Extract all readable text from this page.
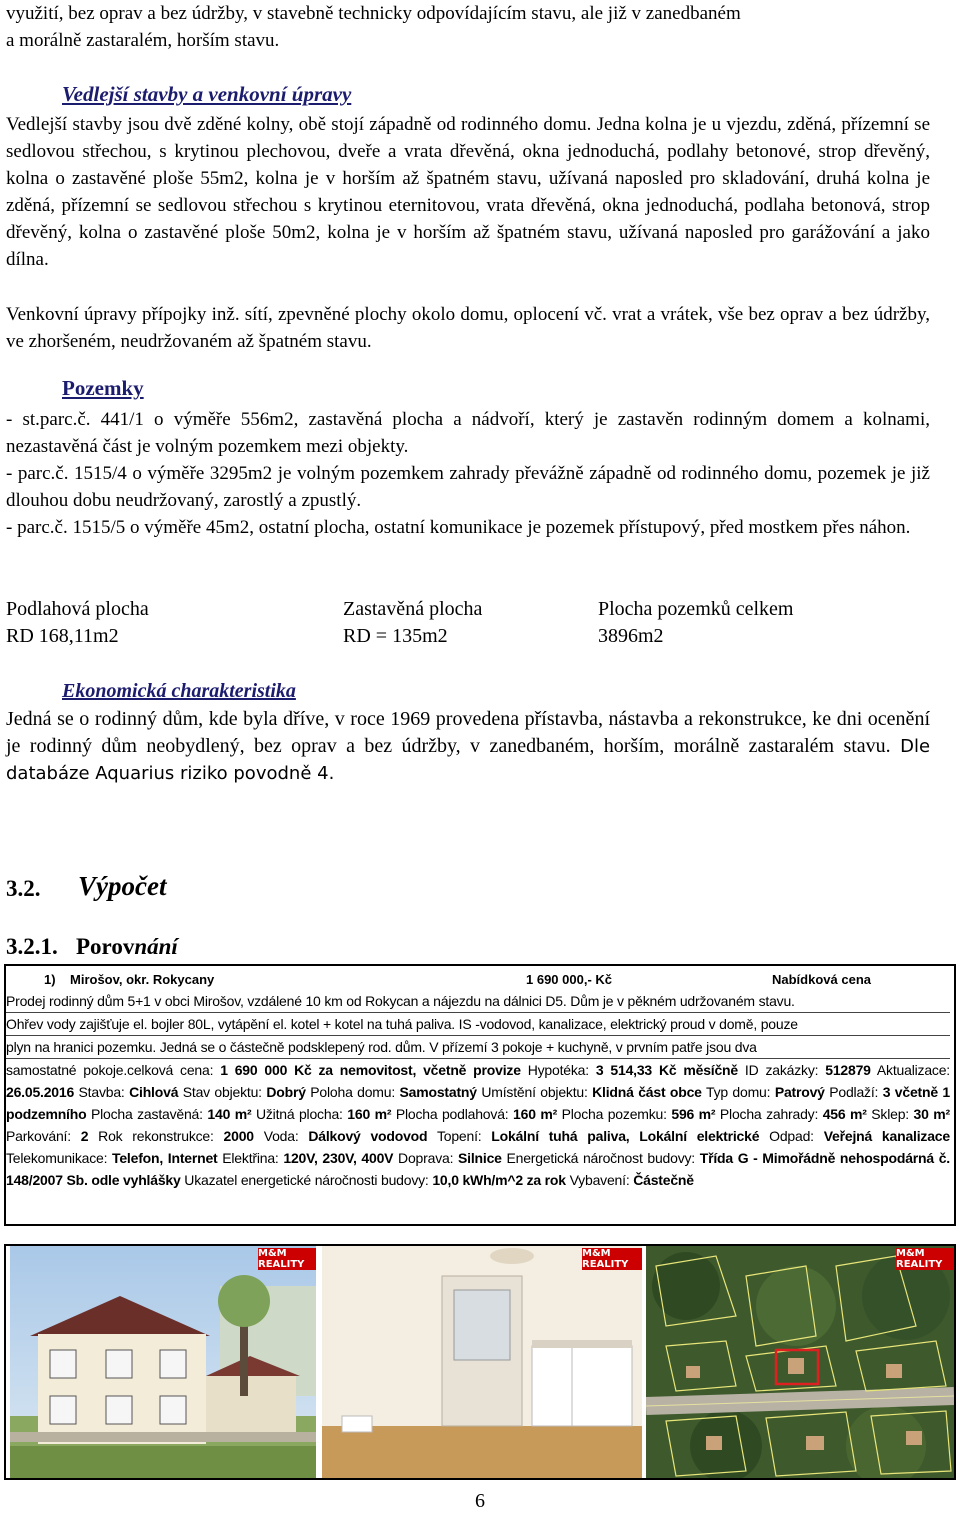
využití, bez oprav a bez údržby, v stavebně technicky odpovídajícím stavu, ale již v zanedbaném
a morálně zastaralém, horším stavu.
Vedlejší stavby a venkovní úpravy
Vedlejší stavby jsou dvě zděné kolny, obě stojí západně od rodinného domu. Jedna kolna je u vjezdu, zděná, přízemní se sedlovou střechou, s krytinou plechovou, dveře a vrata dřevěná, okna jednoduchá, podlahy betonové, strop dřevěný, kolna o zastavěné ploše 55m2, kolna je v horším až špatném stavu, užívaná naposled pro skladování, druhá kolna je zděná, přízemní se sedlovou střechou s krytinou eternitovou, vrata dřevěná, okna jednoduchá, podlaha betonová, strop dřevěný, kolna o zastavěné ploše 50m2, kolna je v horším až špatném stavu, užívaná naposled pro garážování a jako dílna.
Venkovní úpravy přípojky inž. sítí, zpevněné plochy okolo domu, oplocení vč. vrat a vrátek, vše bez oprav a bez údržby, ve zhoršeném, neudržovaném až špatném stavu.
Pozemky
- st.parc.č. 441/1 o výměře 556m2, zastavěná plocha a nádvoří, který je zastavěn rodinným domem a kolnami, nezastavěná část je volným pozemkem mezi objekty.
- parc.č. 1515/4 o výměře 3295m2 je volným pozemkem zahrady převážně západně od rodinného domu, pozemek je již dlouhou dobu neudržovaný, zarostlý a zpustlý.
- parc.č. 1515/5 o výměře 45m2, ostatní plocha, ostatní komunikace je pozemek přístupový, před mostkem přes náhon.
Podlahová plocha
RD 168,11m2
Zastavěná plocha
RD = 135m2
Plocha pozemků celkem
3896m2
Ekonomická charakteristika
Jedná se o rodinný dům, kde byla dříve, v roce 1969 provedena přístavba, nástavba a rekonstrukce, ke dni ocenění je rodinný dům neobydlený, bez oprav a bez údržby, v zanedbaném, horším, morálně zastaralém stavu. Dle databáze Aquarius riziko povodně 4.
3.2. Výpočet
3.2.1. Porovnání
1) Mirošov, okr. Rokycany	1 690 000,- Kč	Nabídková cena
Prodej rodinný dům 5+1 v obci Mirošov, vzdálené 10 km od Rokycan a nájezdu na dálnici D5. Dům je v pěkném udržovaném stavu.
Ohřev vody zajišťuje el. bojler 80L, vytápění el. kotel + kotel na tuhá paliva. IS -vodovod, kanalizace, elektrický proud v domě, pouze
plyn na hranici pozemku. Jedná se o částečně podsklepený rod. dům. V přízemí 3 pokoje + kuchyně, v prvním patře jsou dva
samostatné pokoje.celková cena: 1 690 000 Kč za nemovitost, včetně provize Hypotéka: 3 514,33 Kč měsíčně ID zakázky: 512879 Aktualizace: 26.05.2016 Stavba: Cihlová Stav objektu: Dobrý Poloha domu: Samostatný Umístění objektu: Klidná část obce Typ domu: Patrový Podlaží: 3 včetně 1 podzemního Plocha zastavěná: 140 m² Užitná plocha: 160 m² Plocha podlahová: 160 m² Plocha pozemku: 596 m² Plocha zahrady: 456 m² Sklep: 30 m² Parkování: 2 Rok rekonstrukce: 2000 Voda: Dálkový vodovod Topení: Lokální tuhá paliva, Lokální elektrické Odpad: Veřejná kanalizace Telekomunikace: Telefon, Internet Elektřina: 120V, 230V, 400V Doprava: Silnice Energetická náročnost budovy: Třída G - Mimořádně nehospodárná č. 148/2007 Sb. odle vyhlášky Ukazatel energetické náročnosti budovy: 10,0 kWh/m^2 za rok Vybavení: Částečně
M&M REALITY
M&M REALITY
M&M REALITY
6
